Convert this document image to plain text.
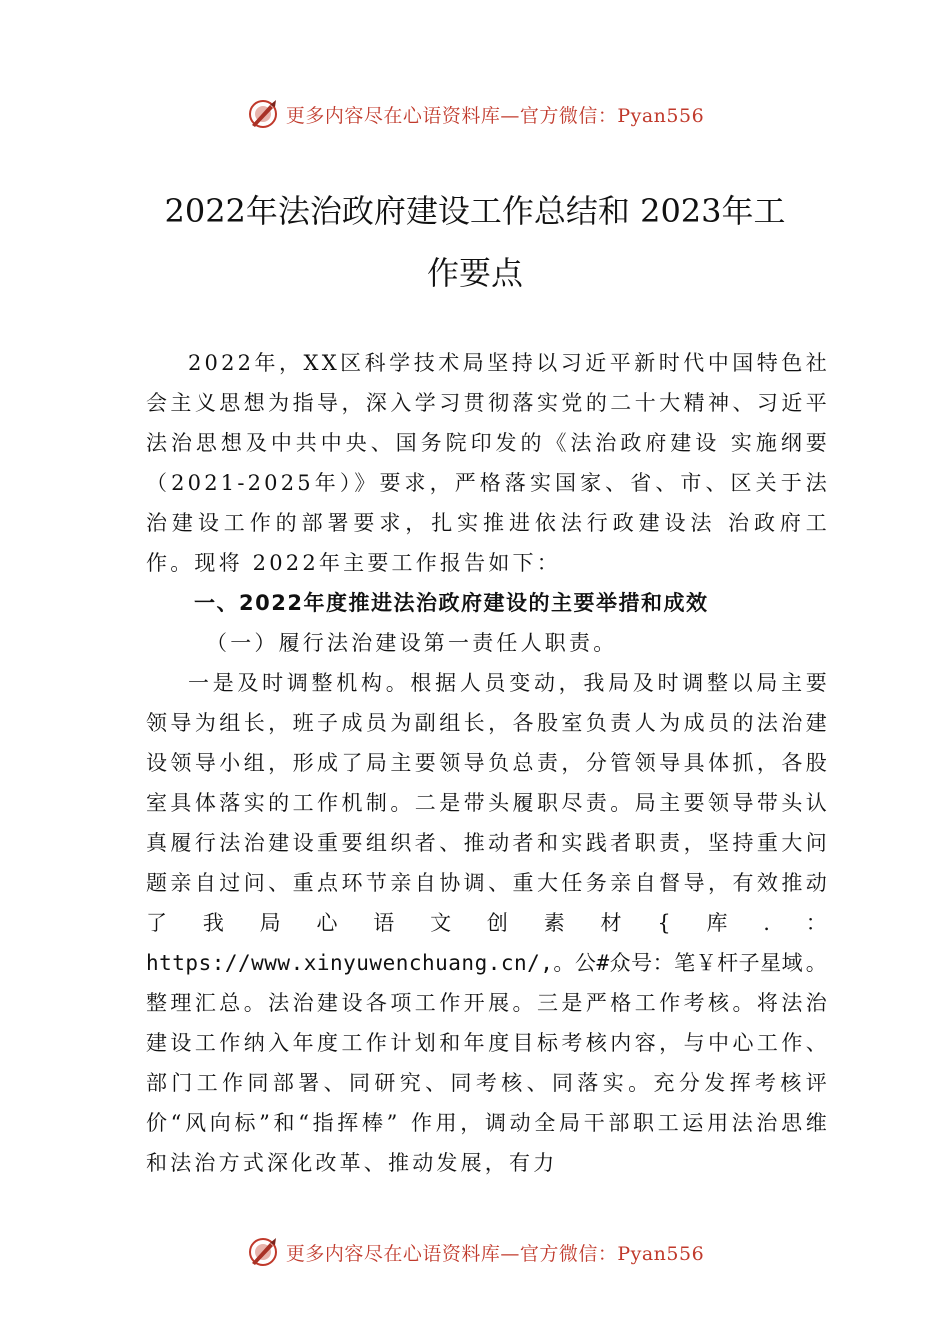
更多内容尽在心语资料库—官方微信：Pyan556
2022年法治政府建设工作总结和 2023年工
作要点

2022年，XX区科学技术局坚持以习近平新时代中国特色社会主义思想为指导，深入学习贯彻落实党的二十大精神、习近平法治思想及中共中央、国务院印发的《法治政府建设 实施纲要（2021-2025年）》要求，严格落实国家、省、市、区关于法治建设工作的部署要求，扎实推进依法行政建设法 治政府工作。现将 2022年主要工作报告如下：

一、2022年度推进法治政府建设的主要举措和成效

（一）履行法治建设第一责任人职责。

一是及时调整机构。根据人员变动，我局及时调整以局主要领导为组长，班子成员为副组长，各股室负责人为成员的法治建设领导小组，形成了局主要领导负总责，分管领导具体抓，各股室具体落实的工作机制。二是带头履职尽责。局主要领导带头认真履行法治建设重要组织者、推动者和实践者职责，坚持重大问题亲自过问、重点环节亲自协调、重大任务亲自督导，有效推动了我局心语文创素材{库.：https://www.xinyuwenchuang.cn/,。公#众号：笔￥杆子星域。整理汇总。法治建设各项工作开展。三是严格工作考核。将法治建设工作纳入年度工作计划和年度目标考核内容，与中心工作、部门工作同部署、同研究、同考核、同落实。充分发挥考核评价“风向标”和“指挥棒” 作用，调动全局干部职工运用法治思维和法治方式深化改革、推动发展，有力

更多内容尽在心语资料库—官方微信：Pyan556
